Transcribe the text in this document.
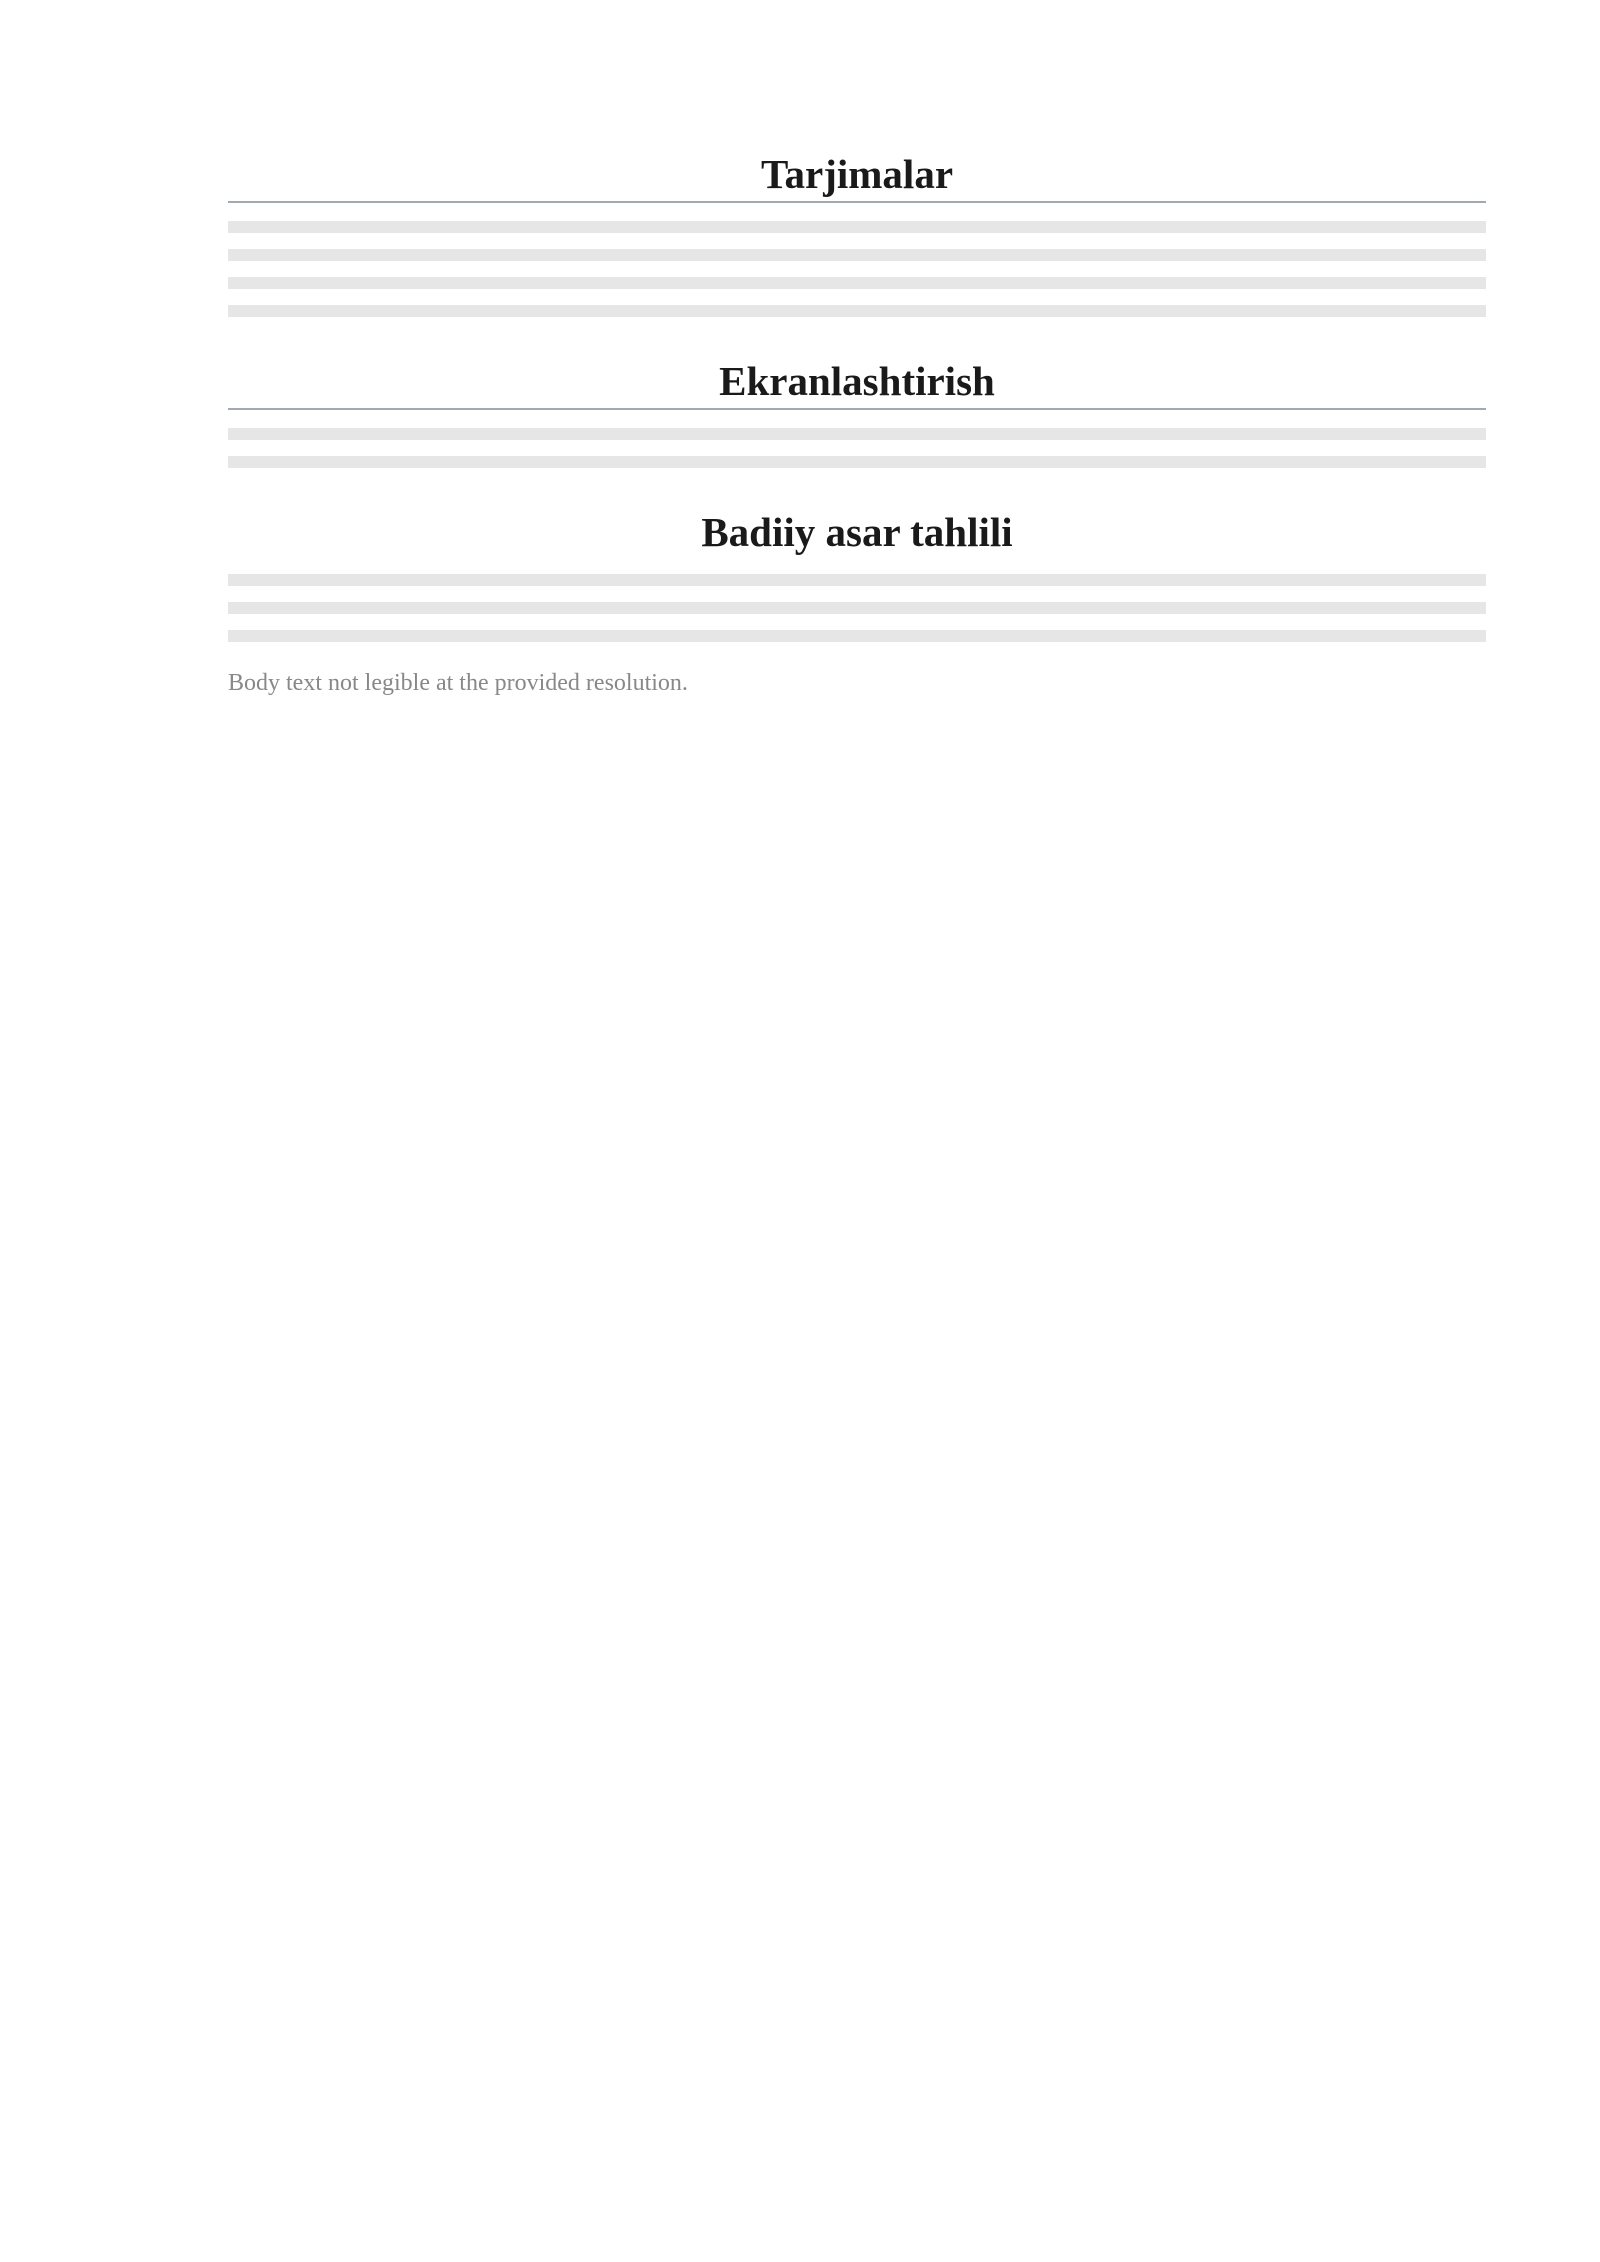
Tarjimalar
Ekranlashtirish
Badiiy asar tahlili
Body text not legible at the provided resolution.
